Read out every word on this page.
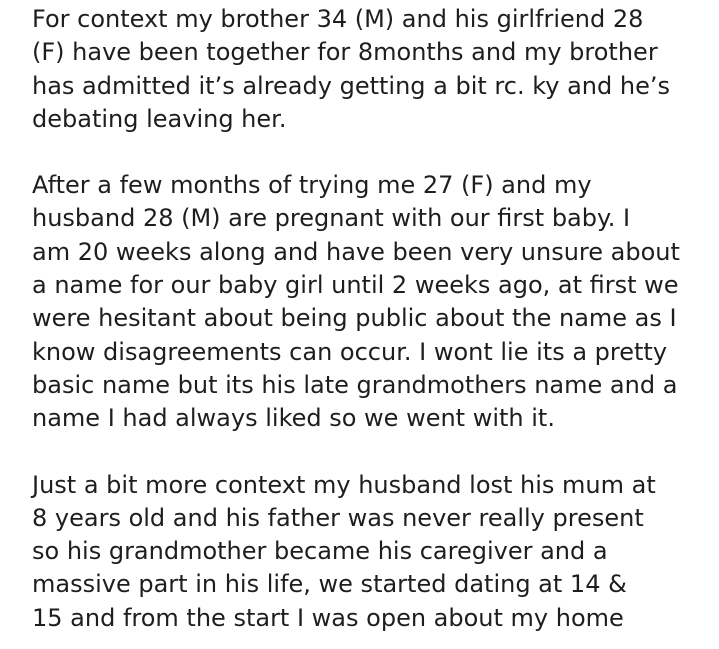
For context my brother 34 (M) and his girlfriend 28
(F) have been together for 8months and my brother
has admitted it’s already getting a bit rc. ky and he’s
debating leaving her.
After a few months of trying me 27 (F) and my
husband 28 (M) are pregnant with our first baby. I
am 20 weeks along and have been very unsure about
a name for our baby girl until 2 weeks ago, at first we
were hesitant about being public about the name as I
know disagreements can occur. I wont lie its a pretty
basic name but its his late grandmothers name and a
name I had always liked so we went with it.
Just a bit more context my husband lost his mum at
8 years old and his father was never really present
so his grandmother became his caregiver and a
massive part in his life, we started dating at 14 &
15 and from the start I was open about my home
